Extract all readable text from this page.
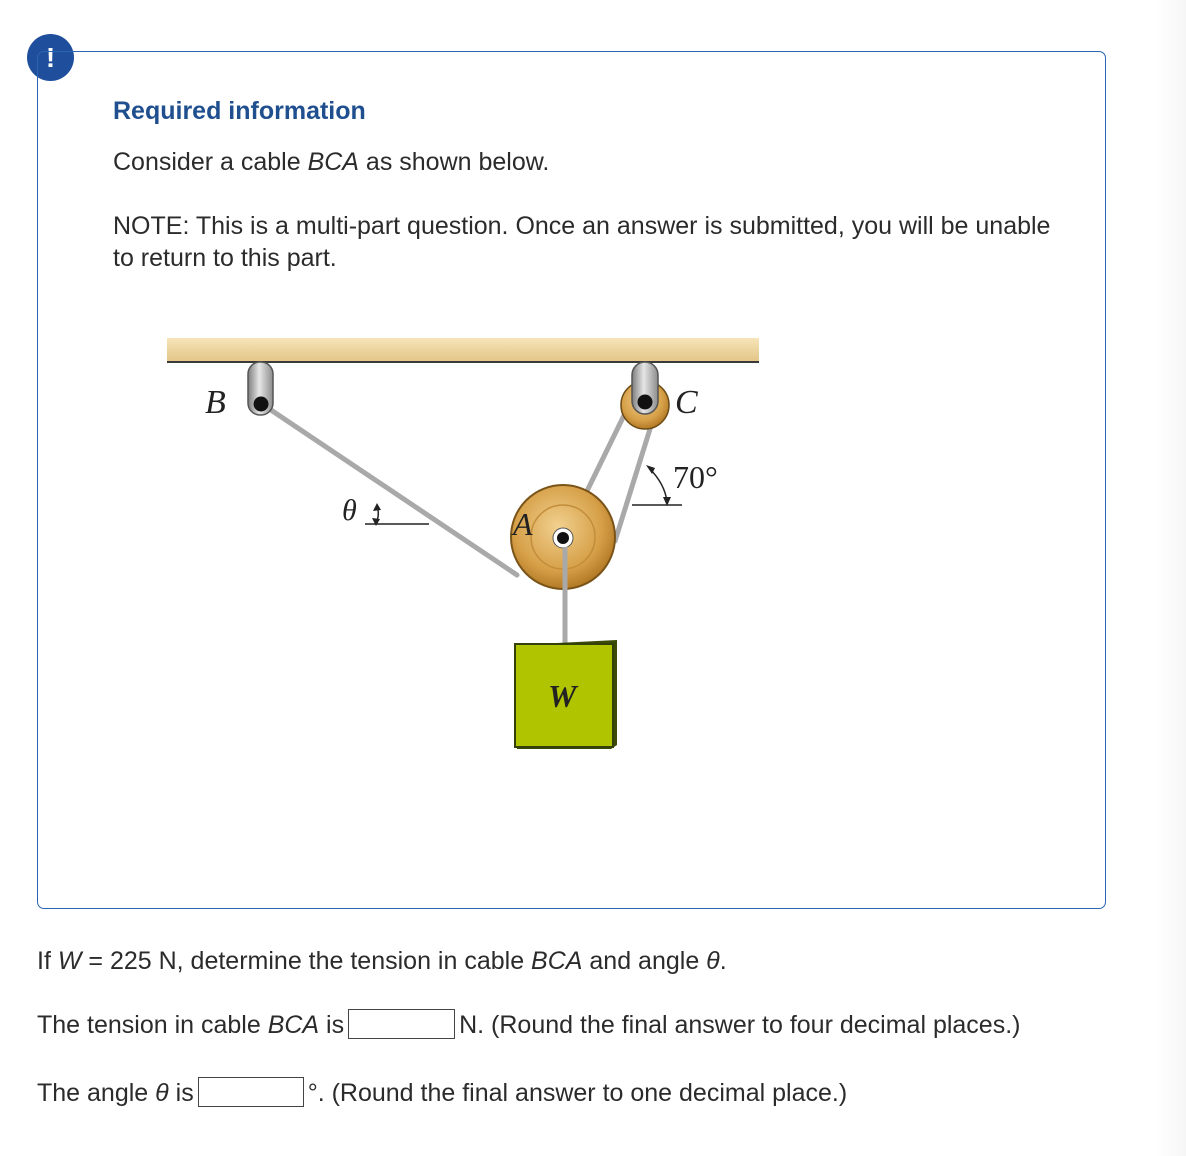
!
Required information

Consider a cable BCA as shown below.

NOTE: This is a multi-part question. Once an answer is submitted, you will be unable to return to this part.

B	C
A
W
θ
70°

If W = 225 N, determine the tension in cable BCA and angle θ.

The tension in cable BCA is	N. (Round the final answer to four decimal places.)

The angle θ is	°. (Round the final answer to one decimal place.)
